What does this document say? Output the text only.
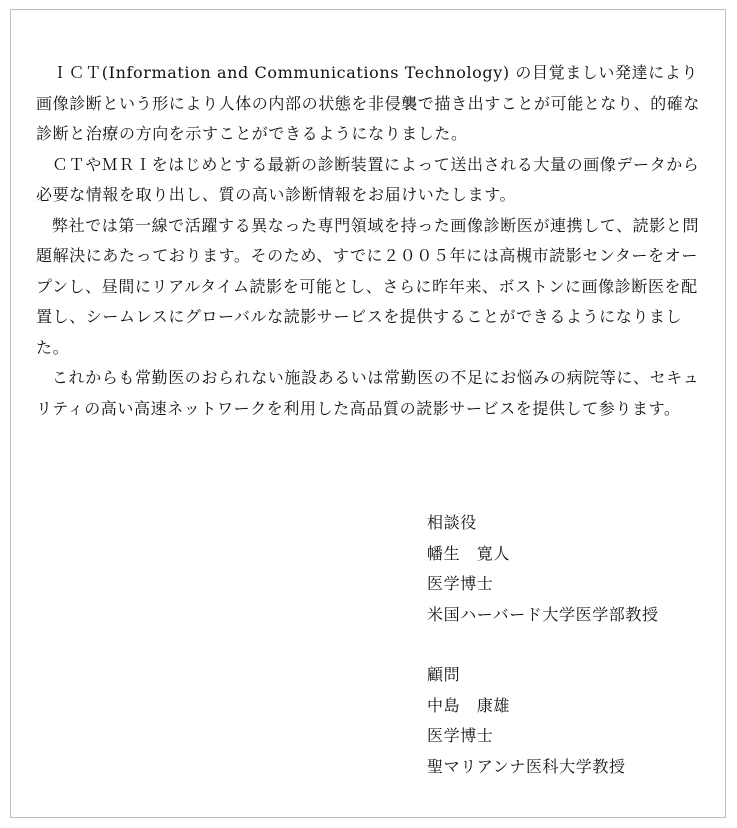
ＩＣＴ(Information and Communications Technology) の目覚ましい発達により画像診断という形により人体の内部の状態を非侵襲で描き出すことが可能となり、的確な診断と治療の方向を示すことができるようになりました。

ＣＴやＭＲＩをはじめとする最新の診断装置によって送出される大量の画像データから必要な情報を取り出し、質の高い診断情報をお届けいたします。

弊社では第一線で活躍する異なった専門領域を持った画像診断医が連携して、読影と問題解決にあたっております。そのため、すでに２００５年には高槻市読影センターをオープンし、昼間にリアルタイム読影を可能とし、さらに昨年来、ボストンに画像診断医を配置し、シームレスにグローバルな読影サービスを提供することができるようになりました。

これからも常勤医のおられない施設あるいは常勤医の不足にお悩みの病院等に、セキュリティの高い高速ネットワークを利用した高品質の読影サービスを提供して参ります。

相談役
幡生　寛人
医学博士
米国ハーバード大学医学部教授
顧問
中島　康雄
医学博士
聖マリアンナ医科大学教授
